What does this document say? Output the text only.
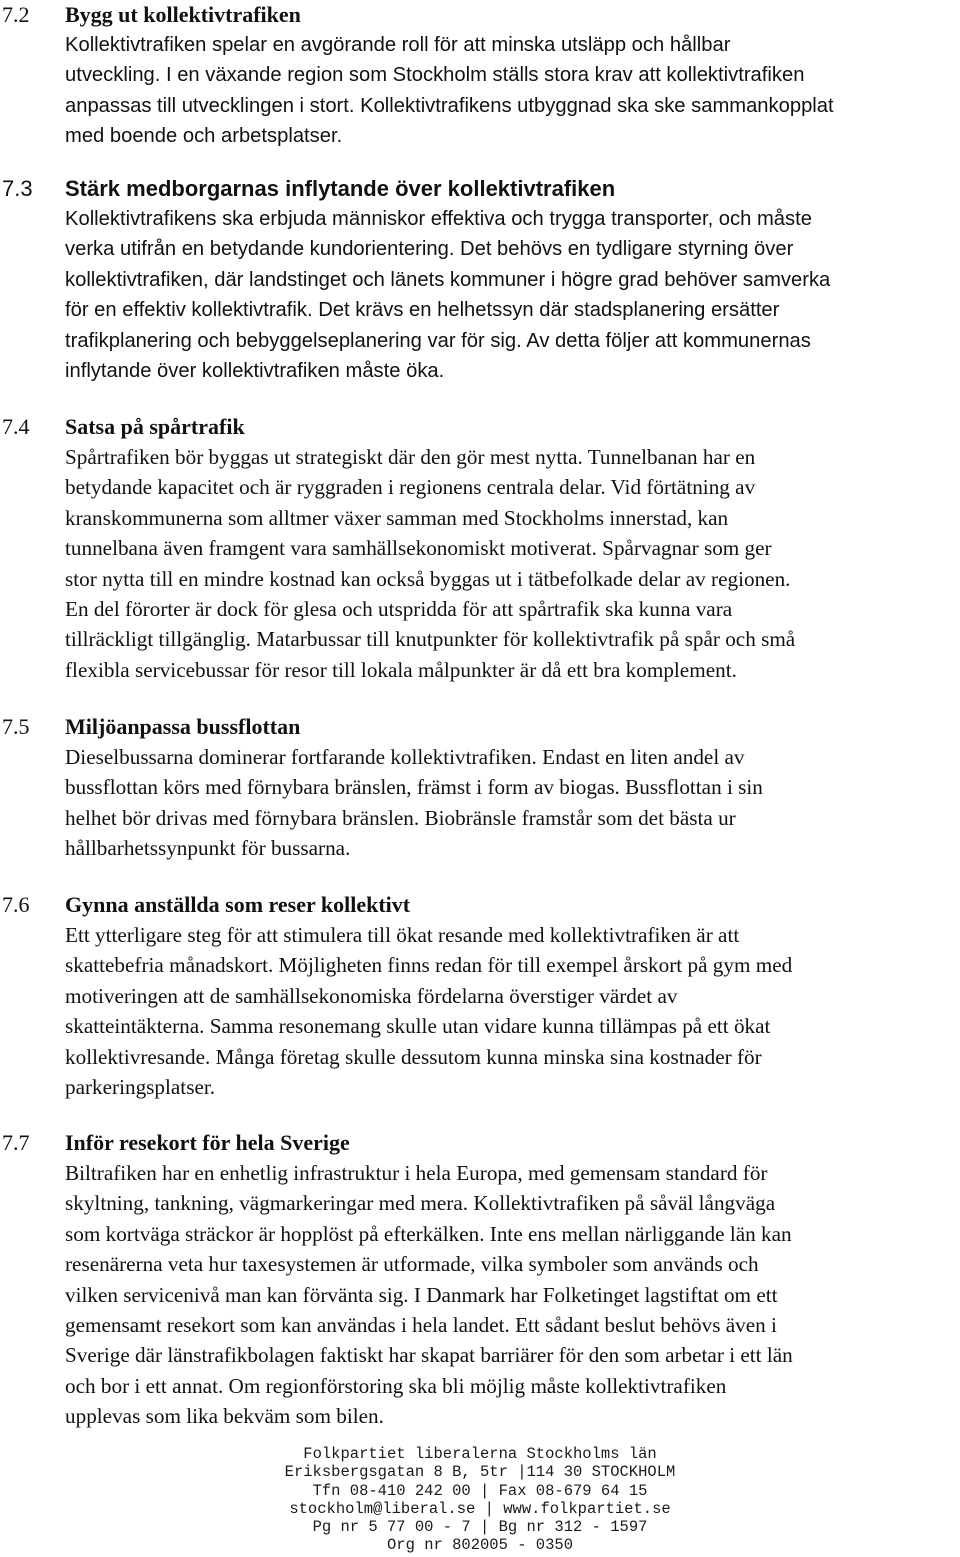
7.2 Bygg ut kollektivtrafiken
Kollektivtrafiken spelar en avgörande roll för att minska utsläpp och hållbar
utveckling. I en växande region som Stockholm ställs stora krav att kollektivtrafiken
anpassas till utvecklingen i stort. Kollektivtrafikens utbyggnad ska ske sammankopplat
med boende och arbetsplatser.
7.3 Stärk medborgarnas inflytande över kollektivtrafiken
Kollektivtrafikens ska erbjuda människor effektiva och trygga transporter, och måste
verka utifrån en betydande kundorientering. Det behövs en tydligare styrning över
kollektivtrafiken, där landstinget och länets kommuner i högre grad behöver samverka
för en effektiv kollektivtrafik. Det krävs en helhetssyn där stadsplanering ersätter
trafikplanering och bebyggelseplanering var för sig. Av detta följer att kommunernas
inflytande över kollektivtrafiken måste öka.
7.4 Satsa på spårtrafik
Spårtrafiken bör byggas ut strategiskt där den gör mest nytta. Tunnelbanan har en
betydande kapacitet och är ryggraden i regionens centrala delar. Vid förtätning av
kranskommunerna som alltmer växer samman med Stockholms innerstad, kan
tunnelbana även framgent vara samhällsekonomiskt motiverat. Spårvagnar som ger
stor nytta till en mindre kostnad kan också byggas ut i tätbefolkade delar av regionen.
En del förorter är dock för glesa och utspridda för att spårtrafik ska kunna vara
tillräckligt tillgänglig. Matarbussar till knutpunkter för kollektivtrafik på spår och små
flexibla servicebussar för resor till lokala målpunkter är då ett bra komplement.
7.5 Miljöanpassa bussflottan
Dieselbussarna dominerar fortfarande kollektivtrafiken. Endast en liten andel av
bussflottan körs med förnybara bränslen, främst i form av biogas. Bussflottan i sin
helhet bör drivas med förnybara bränslen. Biobränsle framstår som det bästa ur
hållbarhetssynpunkt för bussarna.
7.6 Gynna anställda som reser kollektivt
Ett ytterligare steg för att stimulera till ökat resande med kollektivtrafiken är att
skattebefria månadskort. Möjligheten finns redan för till exempel årskort på gym med
motiveringen att de samhällsekonomiska fördelarna överstiger värdet av
skatteintäkterna. Samma resonemang skulle utan vidare kunna tillämpas på ett ökat
kollektivresande. Många företag skulle dessutom kunna minska sina kostnader för
parkeringsplatser.
7.7 Inför resekort för hela Sverige
Biltrafiken har en enhetlig infrastruktur i hela Europa, med gemensam standard för
skyltning, tankning, vägmarkeringar med mera. Kollektivtrafiken på såväl långväga
som kortväga sträckor är hopplöst på efterkälken. Inte ens mellan närliggande län kan
resenärerna veta hur taxesystemen är utformade, vilka symboler som används och
vilken servicenivå man kan förvänta sig. I Danmark har Folketinget lagstiftat om ett
gemensamt resekort som kan användas i hela landet. Ett sådant beslut behövs även i
Sverige där länstrafikbolagen faktiskt har skapat barriärer för den som arbetar i ett län
och bor i ett annat. Om regionförstoring ska bli möjlig måste kollektivtrafiken
upplevas som lika bekväm som bilen.
Folkpartiet liberalerna Stockholms län
Eriksbergsgatan 8 B, 5tr |114 30 STOCKHOLM
Tfn 08-410 242 00 | Fax 08-679 64 15
stockholm@liberal.se | www.folkpartiet.se
Pg nr 5 77 00 - 7 | Bg nr 312 - 1597
Org nr 802005 - 0350
